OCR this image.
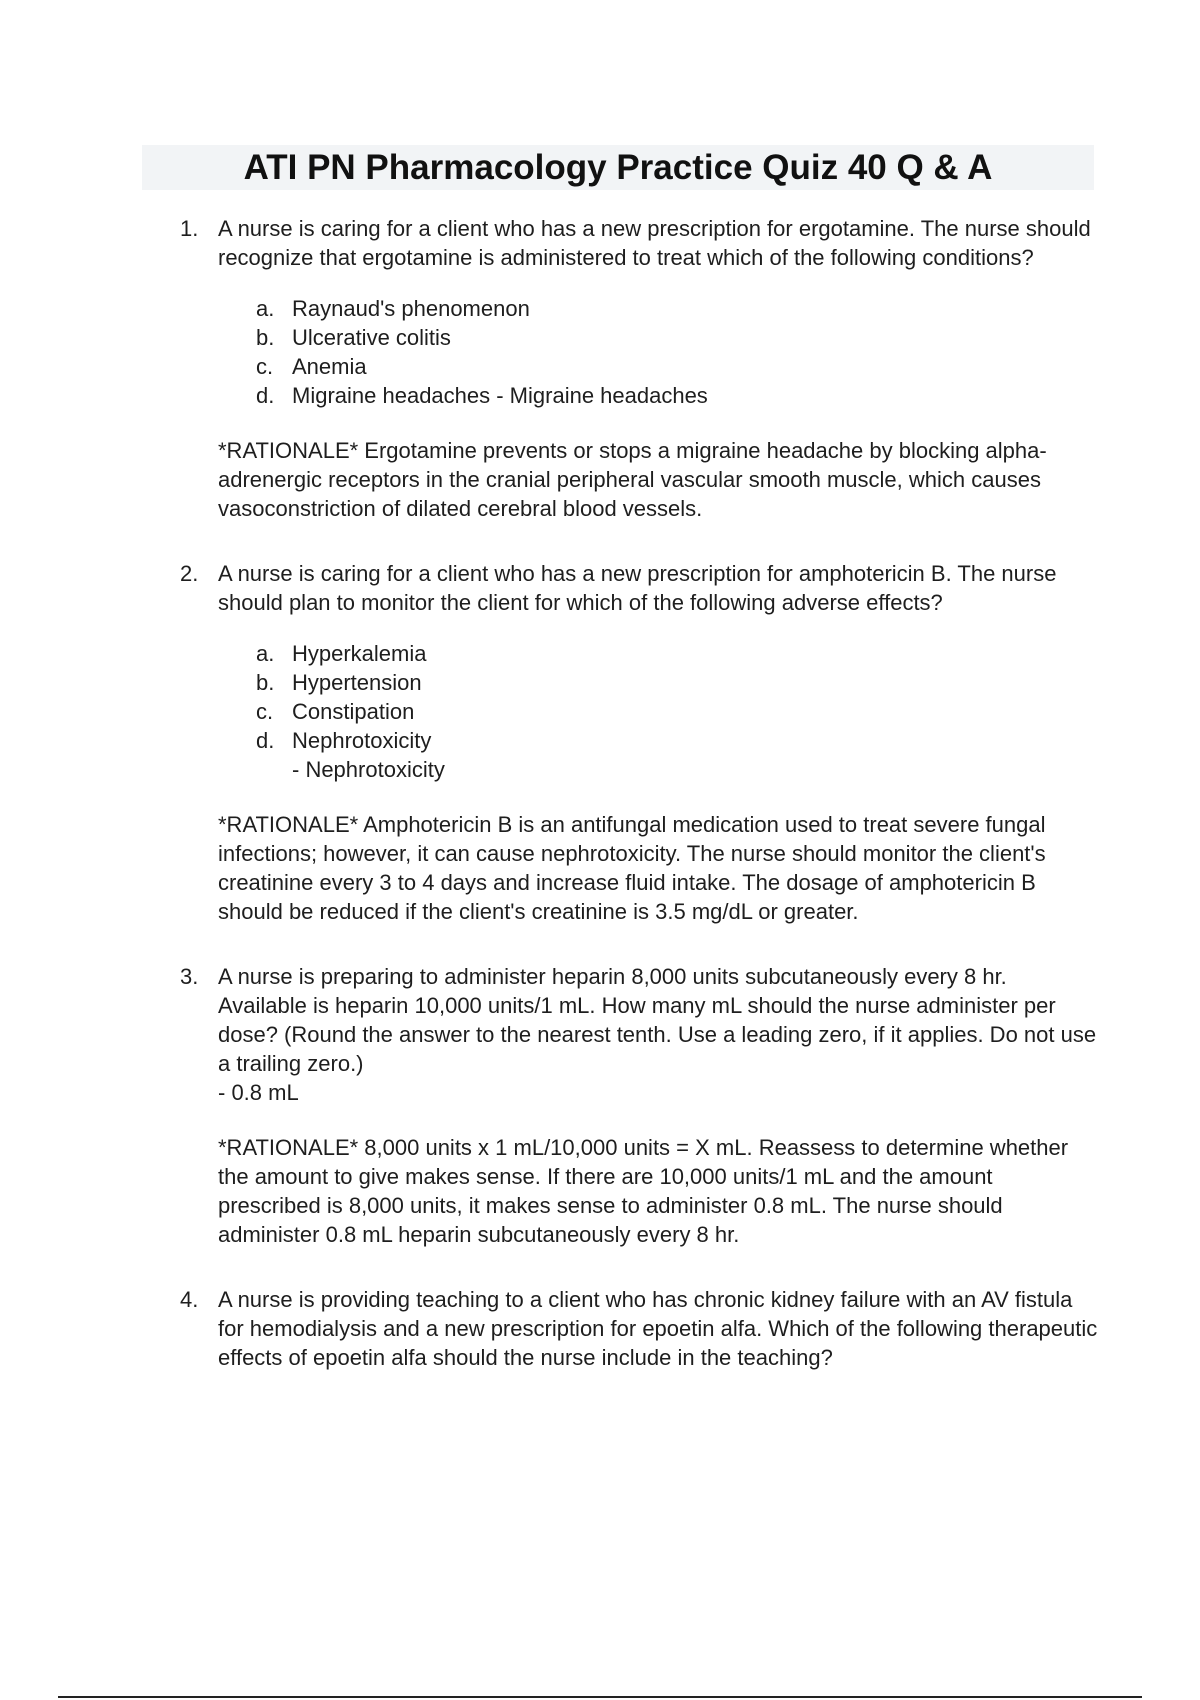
ATI PN Pharmacology Practice Quiz 40 Q & A
1. A nurse is caring for a client who has a new prescription for ergotamine. The nurse should recognize that ergotamine is administered to treat which of the following conditions?

a. Raynaud's phenomenon
b. Ulcerative colitis
c. Anemia
d. Migraine headaches - Migraine headaches

*RATIONALE* Ergotamine prevents or stops a migraine headache by blocking alpha-adrenergic receptors in the cranial peripheral vascular smooth muscle, which causes vasoconstriction of dilated cerebral blood vessels.

2. A nurse is caring for a client who has a new prescription for amphotericin B. The nurse should plan to monitor the client for which of the following adverse effects?

a. Hyperkalemia
b. Hypertension
c. Constipation
d. Nephrotoxicity
- Nephrotoxicity

*RATIONALE* Amphotericin B is an antifungal medication used to treat severe fungal infections; however, it can cause nephrotoxicity. The nurse should monitor the client's creatinine every 3 to 4 days and increase fluid intake. The dosage of amphotericin B should be reduced if the client's creatinine is 3.5 mg/dL or greater.

3. A nurse is preparing to administer heparin 8,000 units subcutaneously every 8 hr. Available is heparin 10,000 units/1 mL. How many mL should the nurse administer per dose? (Round the answer to the nearest tenth. Use a leading zero, if it applies. Do not use a trailing zero.)

- 0.8 mL

*RATIONALE* 8,000 units x 1 mL/10,000 units = X mL. Reassess to determine whether the amount to give makes sense. If there are 10,000 units/1 mL and the amount prescribed is 8,000 units, it makes sense to administer 0.8 mL. The nurse should administer 0.8 mL heparin subcutaneously every 8 hr.

4. A nurse is providing teaching to a client who has chronic kidney failure with an AV fistula for hemodialysis and a new prescription for epoetin alfa. Which of the following therapeutic effects of epoetin alfa should the nurse include in the teaching?
